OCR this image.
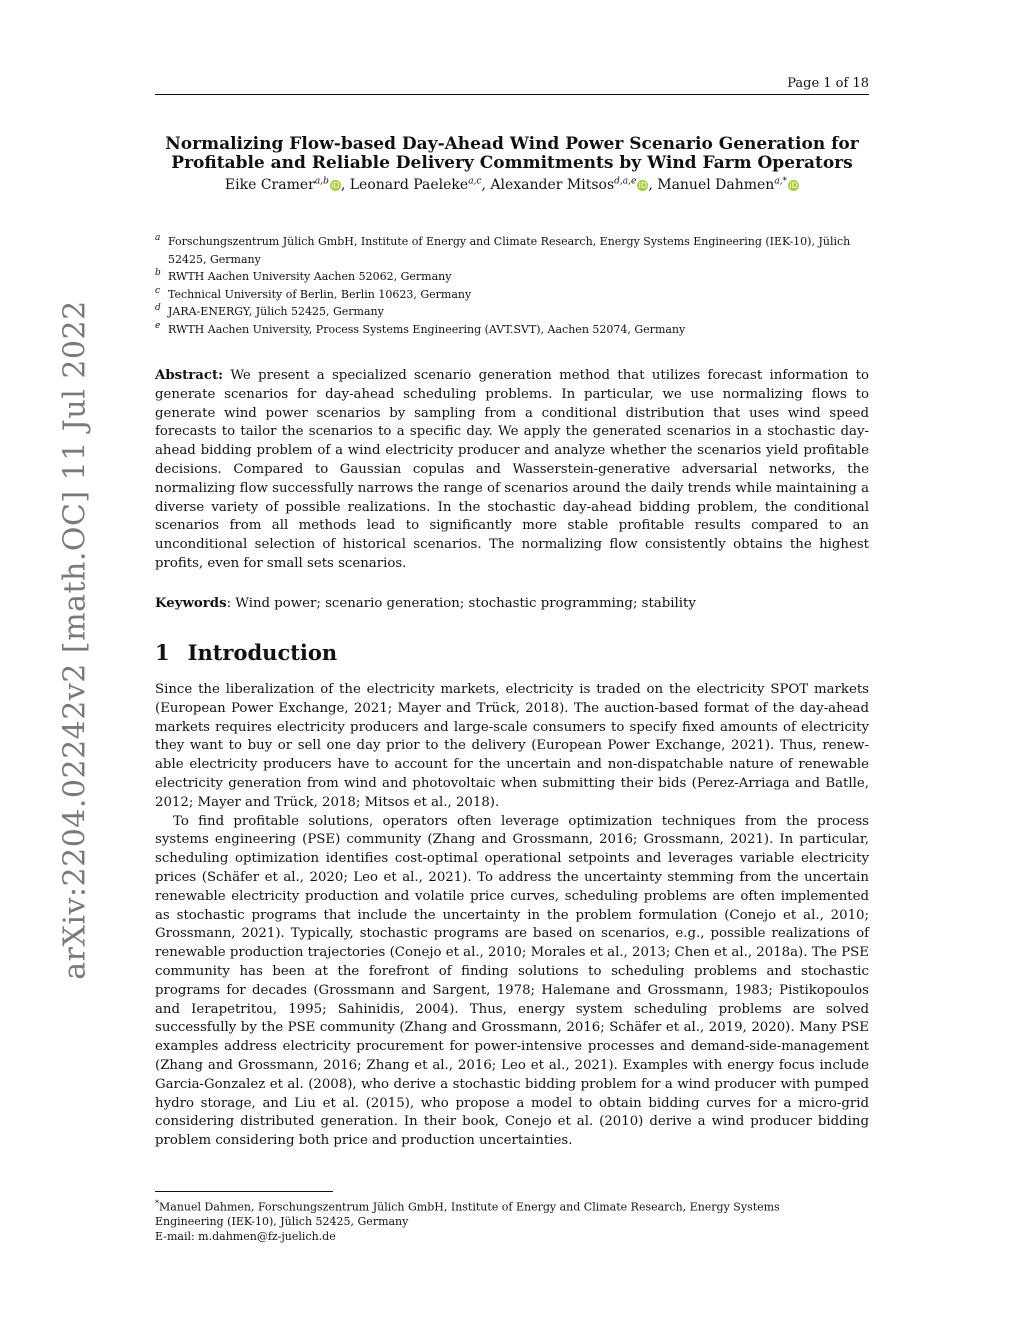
Page 1 of 18
arXiv:2204.02242v2 [math.OC] 11 Jul 2022
Normalizing Flow-based Day-Ahead Wind Power Scenario Generation for
Profitable and Reliable Delivery Commitments by Wind Farm Operators
Eike Cramer$^{a,b}$ iD, Leonard Paeleke$^{a,c}$, Alexander Mitsos$^{d,a,e}$ iD, Manuel Dahmen$^{a,*}$ iD
a Forschungszentrum Jülich GmbH, Institute of Energy and Climate Research, Energy Systems Engineering (IEK-10), Jülich 52425, Germany
b RWTH Aachen University Aachen 52062, Germany
c Technical University of Berlin, Berlin 10623, Germany
d JARA-ENERGY, Jülich 52425, Germany
e RWTH Aachen University, Process Systems Engineering (AVT.SVT), Aachen 52074, Germany
Abstract: We present a specialized scenario generation method that utilizes forecast information to generate scenarios for day-ahead scheduling problems. In particular, we use normalizing flows to generate wind power scenarios by sampling from a conditional distribution that uses wind speed forecasts to tailor the scenarios to a specific day. We apply the generated scenarios in a stochastic day-ahead bidding problem of a wind electricity producer and analyze whether the scenarios yield profitable decisions. Compared to Gaussian copulas and Wasserstein-generative adversarial networks, the normalizing flow successfully narrows the range of scenarios around the daily trends while maintaining a diverse variety of possible realizations. In the stochastic day-ahead bidding problem, the conditional scenarios from all methods lead to significantly more stable profitable results compared to an unconditional selection of historical scenarios. The normalizing flow consistently obtains the highest profits, even for small sets scenarios.
Keywords: Wind power; scenario generation; stochastic programming; stability
1 Introduction

Since the liberalization of the electricity markets, electricity is traded on the electricity SPOT markets (European Power Exchange, 2021; Mayer and Trück, 2018). The auction-based format of the day-ahead markets requires electricity producers and large-scale consumers to specify fixed amounts of electricity they want to buy or sell one day prior to the delivery (European Power Exchange, 2021). Thus, renew-able electricity producers have to account for the uncertain and non-dispatchable nature of renewable electricity generation from wind and photovoltaic when submitting their bids (Perez-Arriaga and Batlle, 2012; Mayer and Trück, 2018; Mitsos et al., 2018).

To find profitable solutions, operators often leverage optimization techniques from the process systems engineering (PSE) community (Zhang and Grossmann, 2016; Grossmann, 2021). In particular, scheduling optimization identifies cost-optimal operational setpoints and leverages variable electricity prices (Schäfer et al., 2020; Leo et al., 2021). To address the uncertainty stemming from the uncertain renewable electricity production and volatile price curves, scheduling problems are often implemented as stochastic programs that include the uncertainty in the problem formulation (Conejo et al., 2010; Grossmann, 2021). Typically, stochastic programs are based on scenarios, e.g., possible realizations of renewable production trajectories (Conejo et al., 2010; Morales et al., 2013; Chen et al., 2018a). The PSE community has been at the forefront of finding solutions to scheduling problems and stochastic programs for decades (Grossmann and Sargent, 1978; Halemane and Grossmann, 1983; Pistikopoulos and Ierapetritou, 1995; Sahinidis, 2004). Thus, energy system scheduling problems are solved successfully by the PSE community (Zhang and Grossmann, 2016; Schäfer et al., 2019, 2020). Many PSE examples address electricity procurement for power-intensive processes and demand-side-management (Zhang and Grossmann, 2016; Zhang et al., 2016; Leo et al., 2021). Examples with energy focus include Garcia-Gonzalez et al. (2008), who derive a stochastic bidding problem for a wind producer with pumped hydro storage, and Liu et al. (2015), who propose a model to obtain bidding curves for a micro-grid considering distributed generation. In their book, Conejo et al. (2010) derive a wind producer bidding problem considering both price and production uncertainties.

*Manuel Dahmen, Forschungszentrum Jülich GmbH, Institute of Energy and Climate Research, Energy Systems
Engineering (IEK-10), Jülich 52425, Germany
E-mail: m.dahmen@fz-juelich.de
